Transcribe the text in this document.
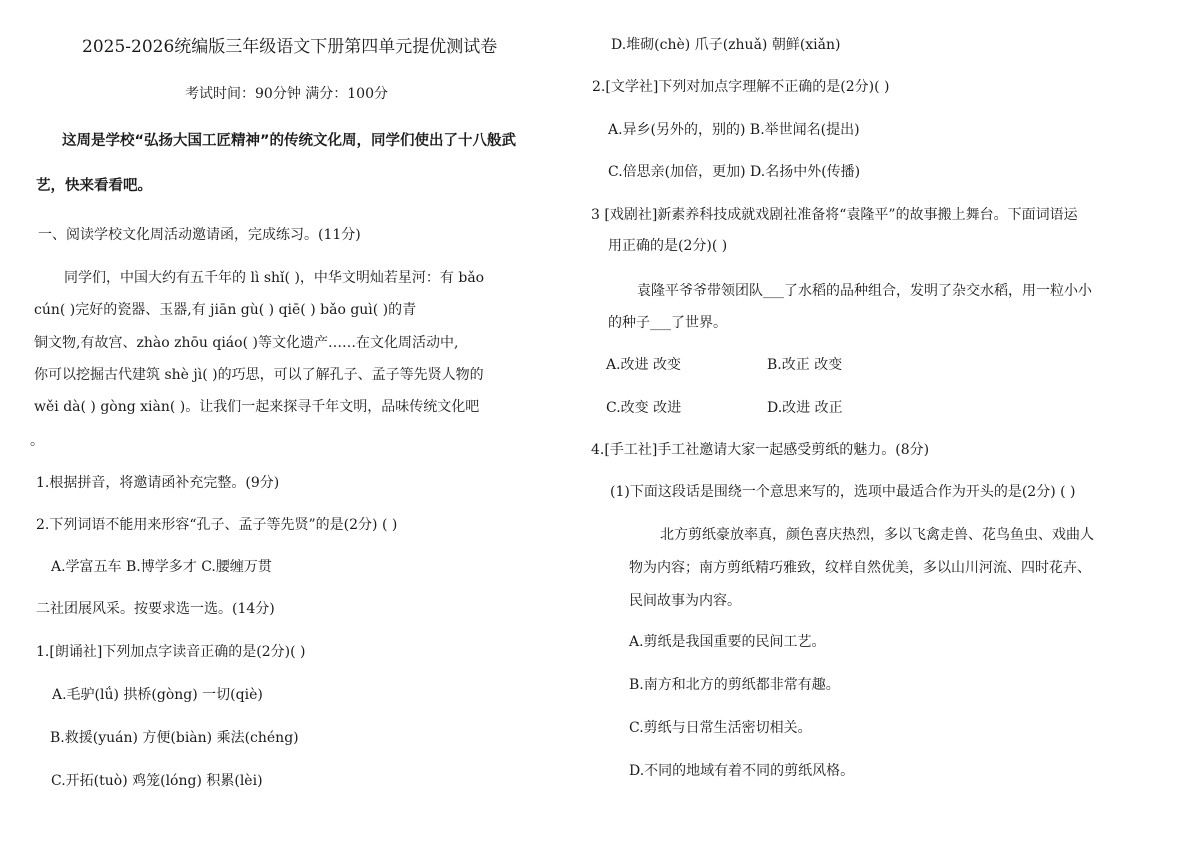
2025-2026统编版三年级语文下册第四单元提优测试卷
考试时间：90分钟 满分：100分
这周是学校“弘扬大国工匠精神”的传统文化周，同学们使出了十八般武
艺，快来看看吧。
一、阅读学校文化周活动邀请函，完成练习。(11分)
同学们，中国大约有五千年的 lì shǐ( )，中华文明灿若星河：有 bǎo
cún( )完好的瓷器、玉器,有 jiān gù( ) qiē( ) bǎo guì( )的青
铜文物,有故宫、zhào zhōu qiáo( )等文化遗产……在文化周活动中,
你可以挖掘古代建筑 shè jì( )的巧思，可以了解孔子、孟子等先贤人物的
wěi dà( ) gòng xiàn( )。让我们一起来探寻千年文明，品味传统文化吧
。
1.根据拼音，将邀请函补充完整。(9分)
2.下列词语不能用来形容“孔子、孟子等先贤”的是(2分) ( )
A.学富五车 B.博学多才 C.腰缠万贯
二社团展风采。按要求选一选。(14分)
1.[朗诵社]下列加点字读音正确的是(2分)( )
A.毛驴(lǘ) 拱桥(gòng) 一切(qiè)
B.救援(yuán) 方便(biàn) 乘法(chéng)
C.开拓(tuò) 鸡笼(lóng) 积累(lèi)
D.堆砌(chè) 爪子(zhuǎ) 朝鲜(xiǎn)
2.[文学社]下列对加点字理解不正确的是(2分)( )
A.异乡(另外的，别的) B.举世闻名(提出)
C.倍思亲(加倍，更加) D.名扬中外(传播)
3 [戏剧社]新素养科技成就戏剧社准备将“袁隆平”的故事搬上舞台。下面词语运
用正确的是(2分)( )
袁隆平爷爷带领团队___了水稻的品种组合，发明了杂交水稻，用一粒小小
的种子___了世界。
A.改进 改变	B.改正 改变
C.改变 改进	D.改进 改正
4.[手工社]手工社邀请大家一起感受剪纸的魅力。(8分)
(1)下面这段话是围绕一个意思来写的，选项中最适合作为开头的是(2分) ( )
北方剪纸豪放率真，颜色喜庆热烈，多以飞禽走兽、花鸟鱼虫、戏曲人
物为内容；南方剪纸精巧雅致，纹样自然优美，多以山川河流、四时花卉、
民间故事为内容。
A.剪纸是我国重要的民间工艺。
B.南方和北方的剪纸都非常有趣。
C.剪纸与日常生活密切相关。
D.不同的地域有着不同的剪纸风格。
